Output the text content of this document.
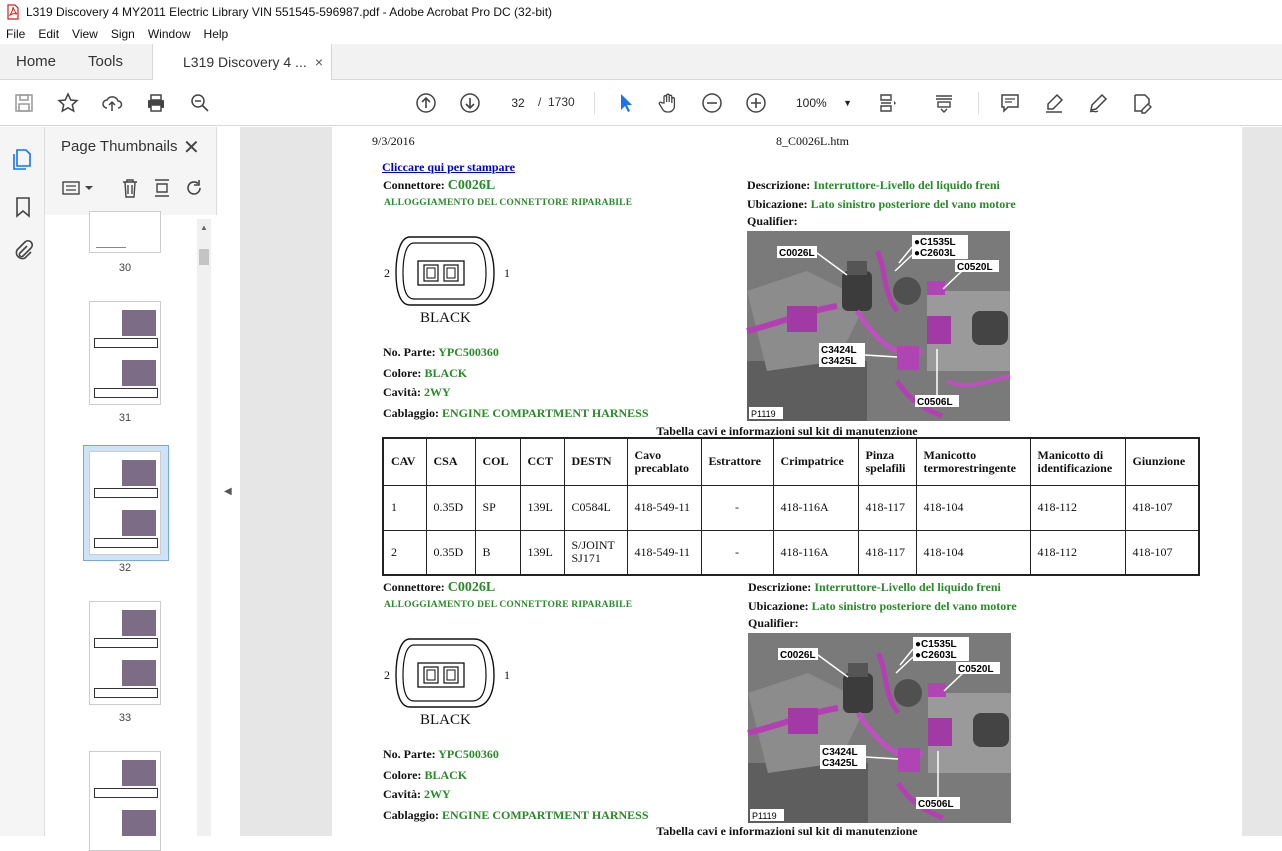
L319 Discovery 4 MY2011 Electric Library VIN 551545-596987.pdf - Adobe Acrobat Pro DC (32-bit)
File Edit View Sign Window Help
Home Tools	L319 Discovery 4 ... ×
32	/ 1730	100% ▼
Page Thumbnails ✕
30
31
32
33
▲
◀
9/3/2016	8_C0026L.htm
Cliccare qui per stampare
Connettore: C0026L
ALLOGGIAMENTO DEL CONNETTORE RIPARABILE
Descrizione: Interruttore-Livello del liquido freni
Ubicazione: Lato sinistro posteriore del vano motore
Qualifier:
2	1
BLACK
No. Parte: YPC500360
Colore: BLACK
Cavità: 2WY
Cablaggio: ENGINE COMPARTMENT HARNESS
C0026L
●C1535L
●C2603L
C0520L
C3424L
C3425L
C0506L
P1119
Tabella cavi e informazioni sul kit di manutenzione
CAV	CSA	COL	CCT	DESTN	Cavo precablato	Estrattore	Crimpatrice	Pinza spelafili	Manicotto termorestringente	Manicotto di identificazione	Giunzione
1	0.35D	SP	139L	C0584L	418-549-11	-	418-116A	418-117	418-104	418-112	418-107
2	0.35D	B	139L	S/JOINT SJ171	418-549-11	-	418-116A	418-117	418-104	418-112	418-107
Connettore: C0026L
ALLOGGIAMENTO DEL CONNETTORE RIPARABILE
Descrizione: Interruttore-Livello del liquido freni
Ubicazione: Lato sinistro posteriore del vano motore
Qualifier:
2	1
BLACK
No. Parte: YPC500360
Colore: BLACK
Cavità: 2WY
Cablaggio: ENGINE COMPARTMENT HARNESS
C0026L
●C1535L
●C2603L
C0520L
C3424L
C3425L
C0506L
P1119
Tabella cavi e informazioni sul kit di manutenzione
